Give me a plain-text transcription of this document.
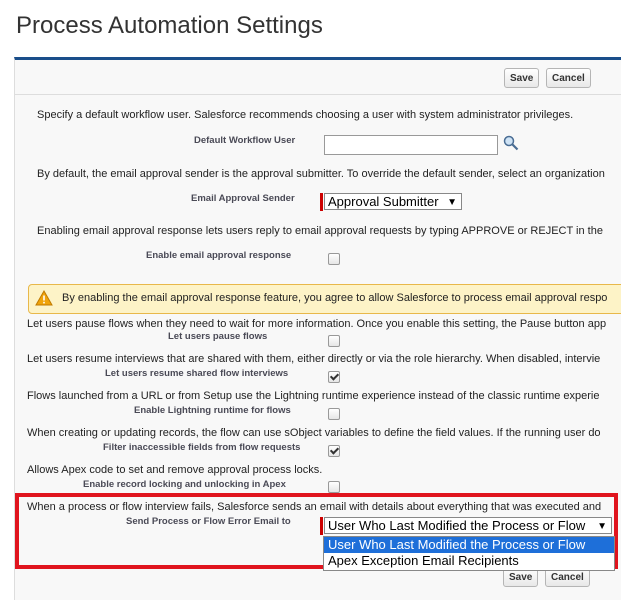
Process Automation Settings
Save	Cancel
Specify a default workflow user. Salesforce recommends choosing a user with system administrator privileges.
Default Workflow User
By default, the email approval sender is the approval submitter. To override the default sender, select an organization
Email Approval Sender	Approval Submitter ▼
Enabling email approval response lets users reply to email approval requests by typing APPROVE or REJECT in the
Enable email approval response
By enabling the email approval response feature, you agree to allow Salesforce to process email approval respo
Let users pause flows when they need to wait for more information. Once you enable this setting, the Pause button app
Let users pause flows
Let users resume interviews that are shared with them, either directly or via the role hierarchy. When disabled, intervie
Let users resume shared flow interviews
Flows launched from a URL or from Setup use the Lightning runtime experience instead of the classic runtime experie
Enable Lightning runtime for flows
When creating or updating records, the flow can use sObject variables to define the field values. If the running user do
Filter inaccessible fields from flow requests
Allows Apex code to set and remove approval process locks.
Enable record locking and unlocking in Apex
When a process or flow interview fails, Salesforce sends an email with details about everything that was executed and
Send Process or Flow Error Email to	User Who Last Modified the Process or Flow ▼
User Who Last Modified the Process or Flow
Apex Exception Email Recipients
Save	Cancel
